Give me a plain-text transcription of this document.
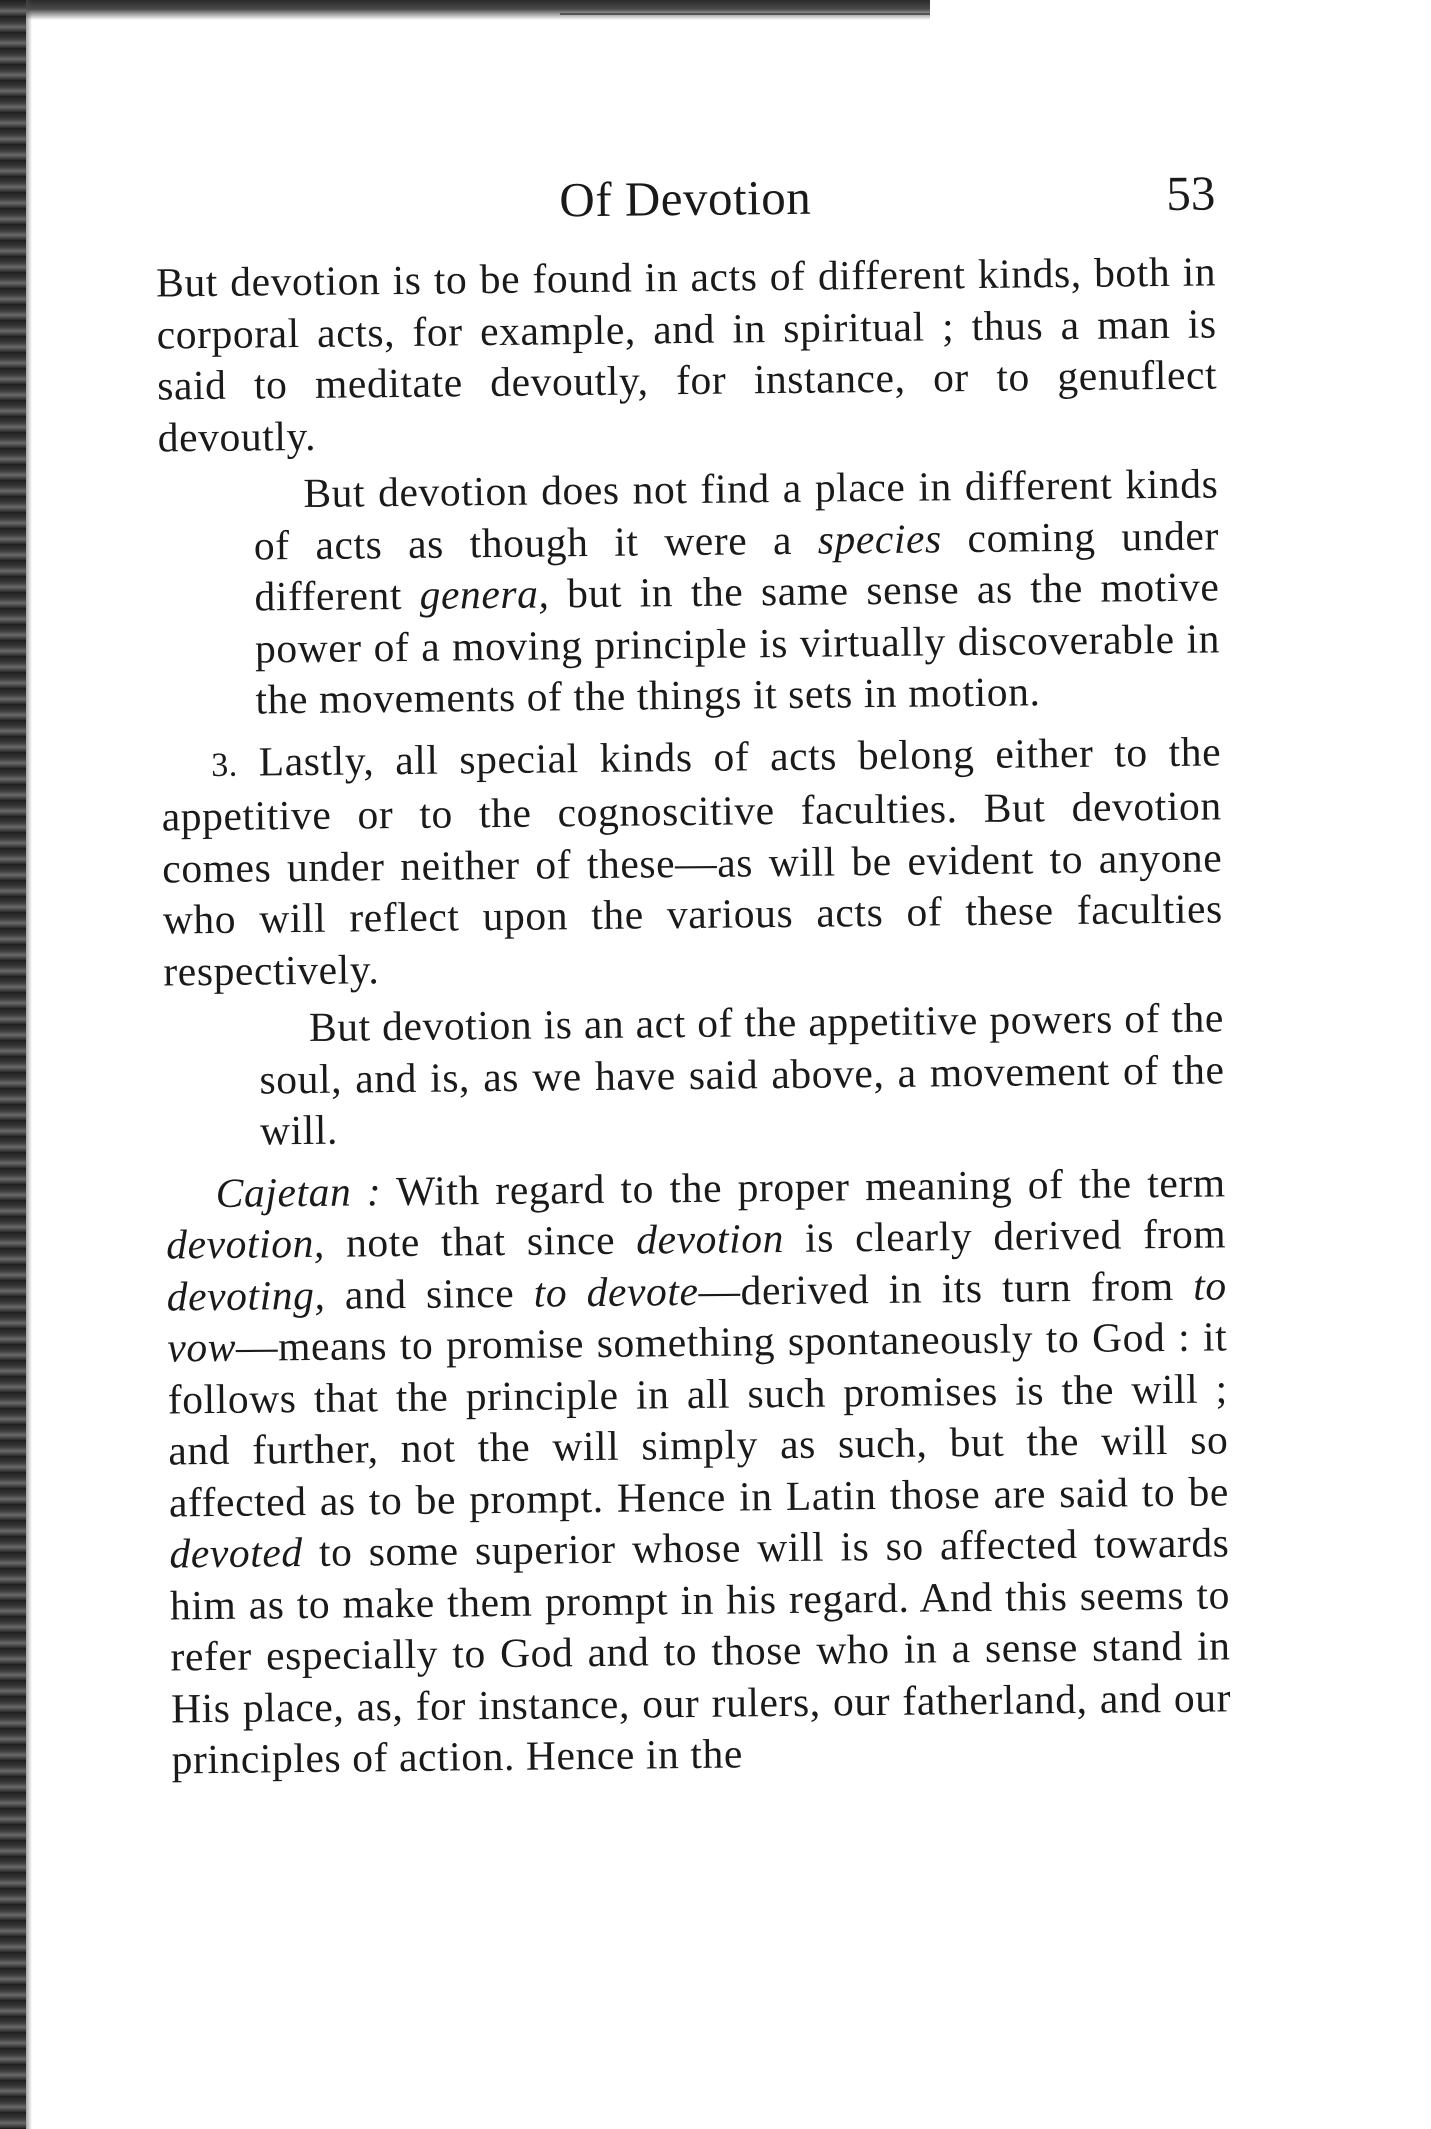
Of Devotion	53

But devotion is to be found in acts of different kinds, both in corporal acts, for example, and in spiritual ; thus a man is said to meditate devoutly, for instance, or to genuflect devoutly.

But devotion does not find a place in different kinds of acts as though it were a species coming under different genera, but in the same sense as the motive power of a moving principle is virtually discoverable in the movements of the things it sets in motion.

3. Lastly, all special kinds of acts belong either to the appetitive or to the cognoscitive faculties. But devotion comes under neither of these—as will be evident to anyone who will reflect upon the various acts of these faculties respectively.

But devotion is an act of the appetitive powers of the soul, and is, as we have said above, a movement of the will.

Cajetan : With regard to the proper meaning of the term devotion, note that since devotion is clearly derived from devoting, and since to devote—derived in its turn from to vow—means to promise something spontaneously to God : it follows that the principle in all such promises is the will ; and further, not the will simply as such, but the will so affected as to be prompt. Hence in Latin those are said to be devoted to some superior whose will is so affected towards him as to make them prompt in his regard. And this seems to refer especially to God and to those who in a sense stand in His place, as, for instance, our rulers, our fatherland, and our principles of action. Hence in the
